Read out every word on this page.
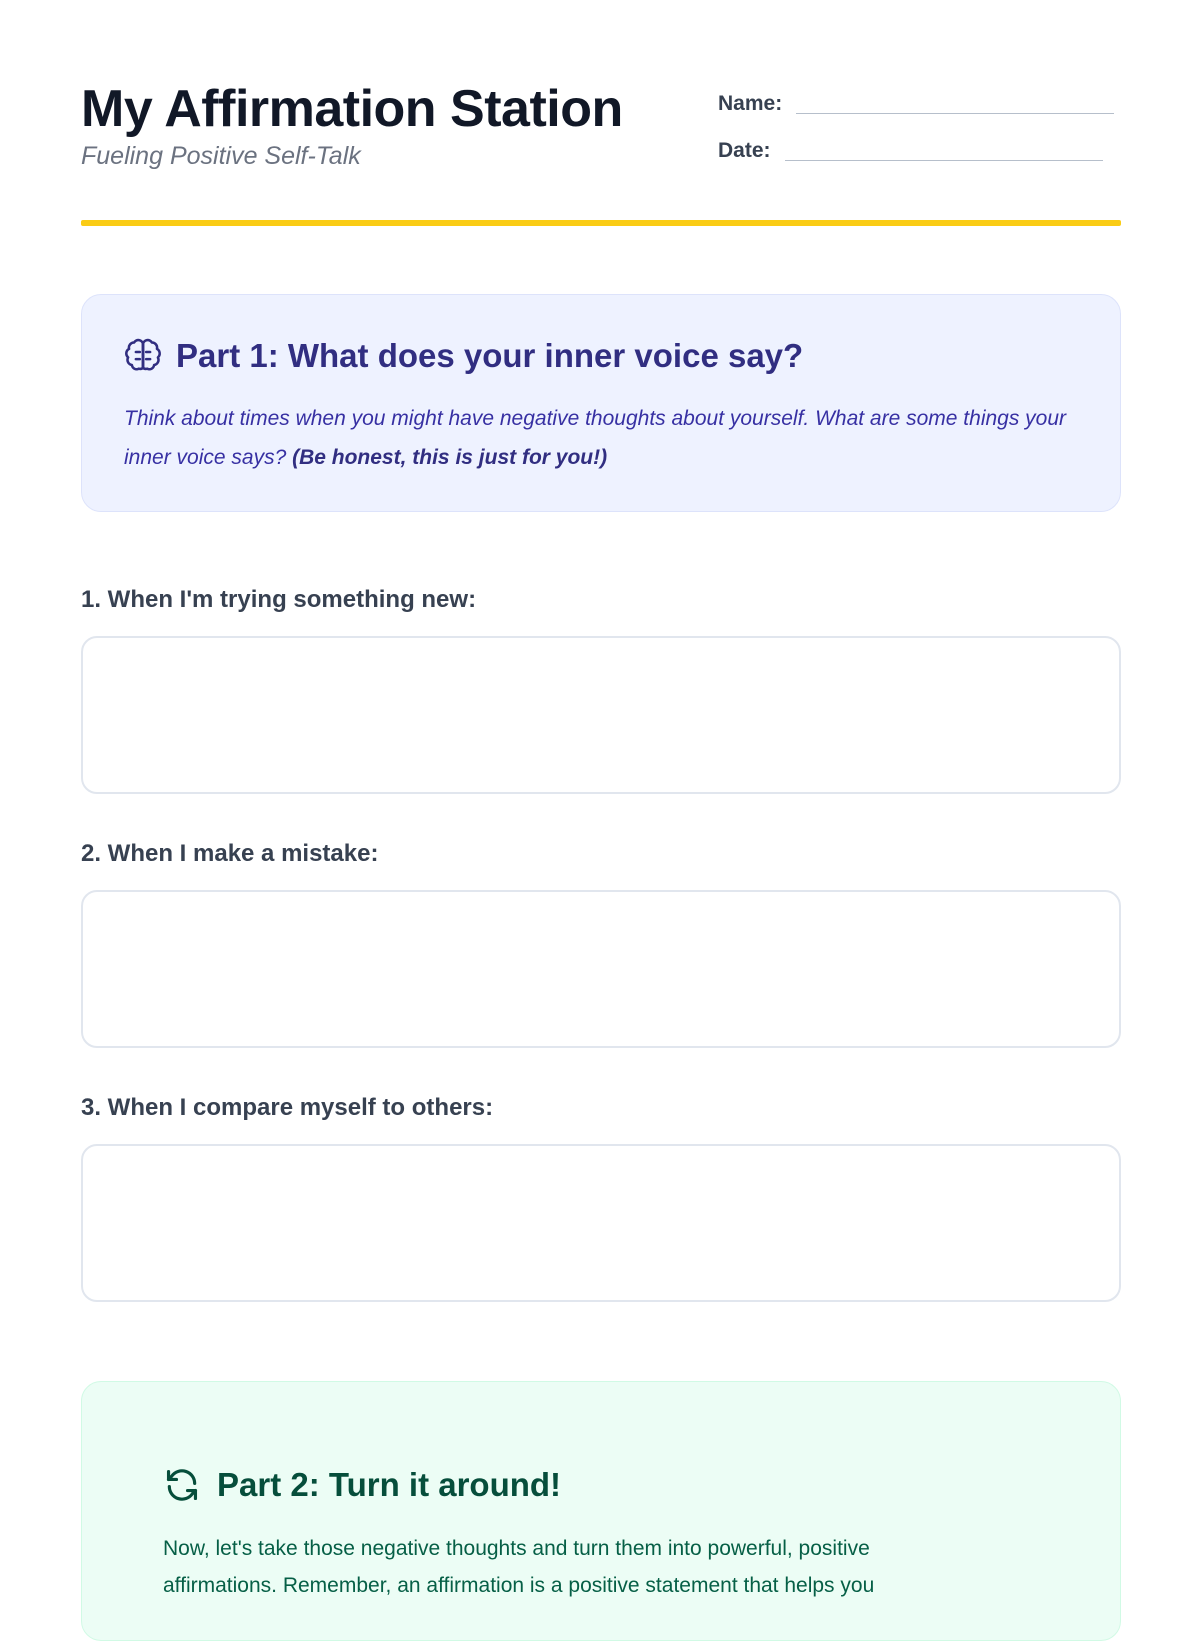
My Affirmation Station
Fueling Positive Self-Talk
Name:
Date:
Part 1: What does your inner voice say?
Think about times when you might have negative thoughts about yourself. What are some things your inner voice says? (Be honest, this is just for you!)
1. When I'm trying something new:
2. When I make a mistake:
3. When I compare myself to others:
Part 2: Turn it around!
Now, let's take those negative thoughts and turn them into powerful, positive affirmations. Remember, an affirmation is a positive statement that helps you
